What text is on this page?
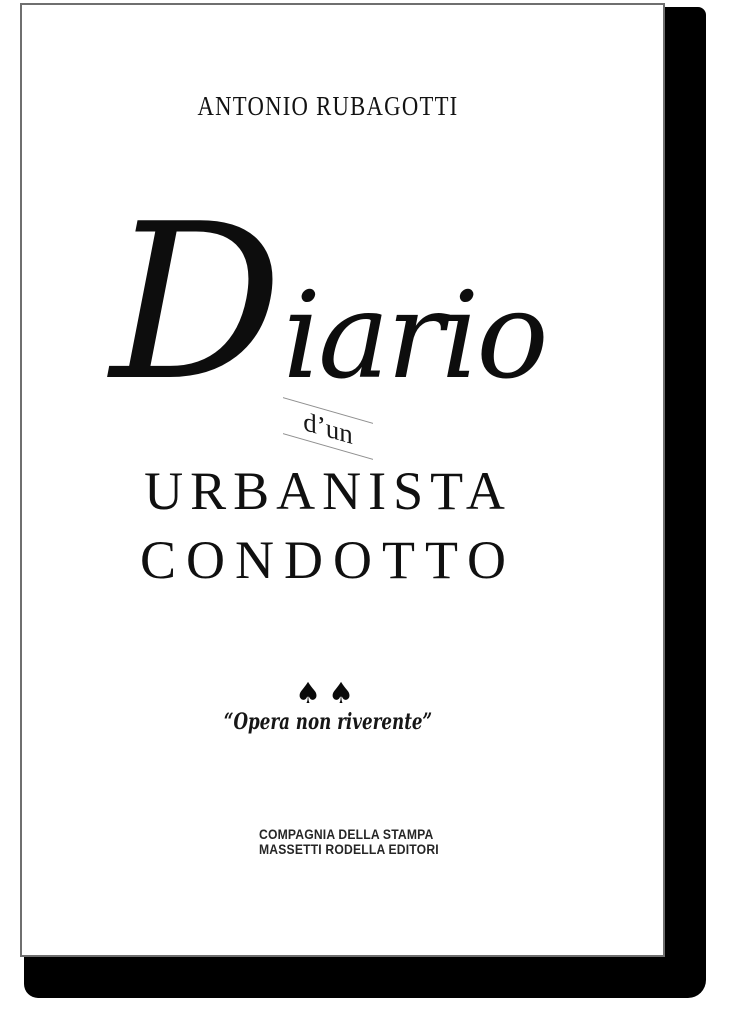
ANTONIO RUBAGOTTI
Diario
d’un
URBANISTA
CONDOTTO
♠♠
“Opera non riverente”
COMPAGNIA DELLA STAMPA
MASSETTI RODELLA EDITORI
